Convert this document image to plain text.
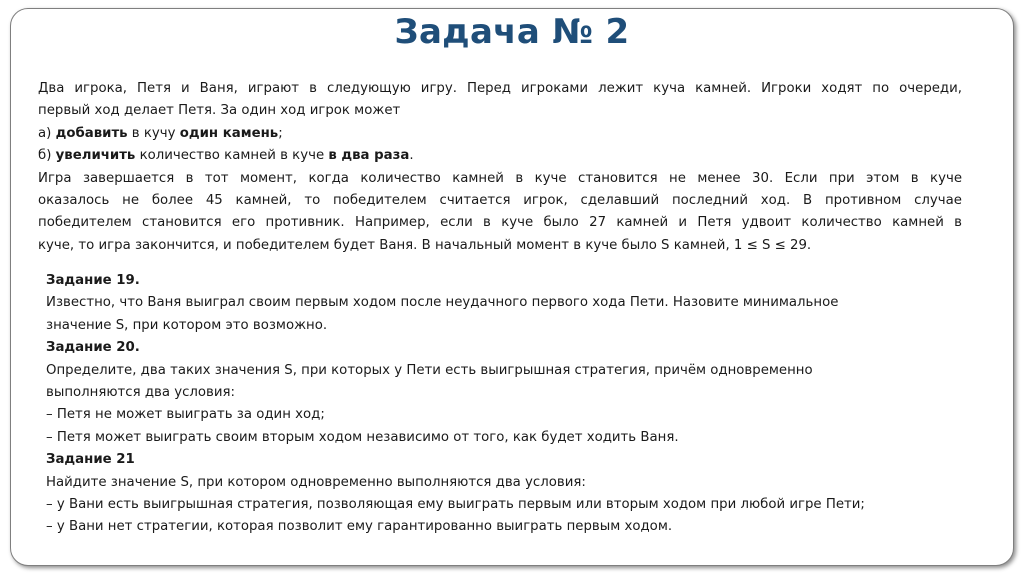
Задача № 2
Два игрока, Петя и Ваня, играют в следующую игру. Перед игроками лежит куча камней. Игроки ходят по очереди,
первый ход делает Петя. За один ход игрок может
а) добавить в кучу один камень;
б) увеличить количество камней в куче в два раза.
Игра завершается в тот момент, когда количество камней в куче становится не менее 30. Если при этом в куче
оказалось не более 45 камней, то победителем считается игрок, сделавший последний ход. В противном случае
победителем становится его противник. Например, если в куче было 27 камней и Петя удвоит количество камней в
куче, то игра закончится, и победителем будет Ваня. В начальный момент в куче было S камней, 1 ≤ S ≤ 29.
Задание 19.
Известно, что Ваня выиграл своим первым ходом после неудачного первого хода Пети. Назовите минимальное
значение S, при котором это возможно.
Задание 20.
Определите, два таких значения S, при которых у Пети есть выигрышная стратегия, причём одновременно
выполняются два условия:
– Петя не может выиграть за один ход;
– Петя может выиграть своим вторым ходом независимо от того, как будет ходить Ваня.
Задание 21
Найдите значение S, при котором одновременно выполняются два условия:
– у Вани есть выигрышная стратегия, позволяющая ему выиграть первым или вторым ходом при любой игре Пети;
– у Вани нет стратегии, которая позволит ему гарантированно выиграть первым ходом.
